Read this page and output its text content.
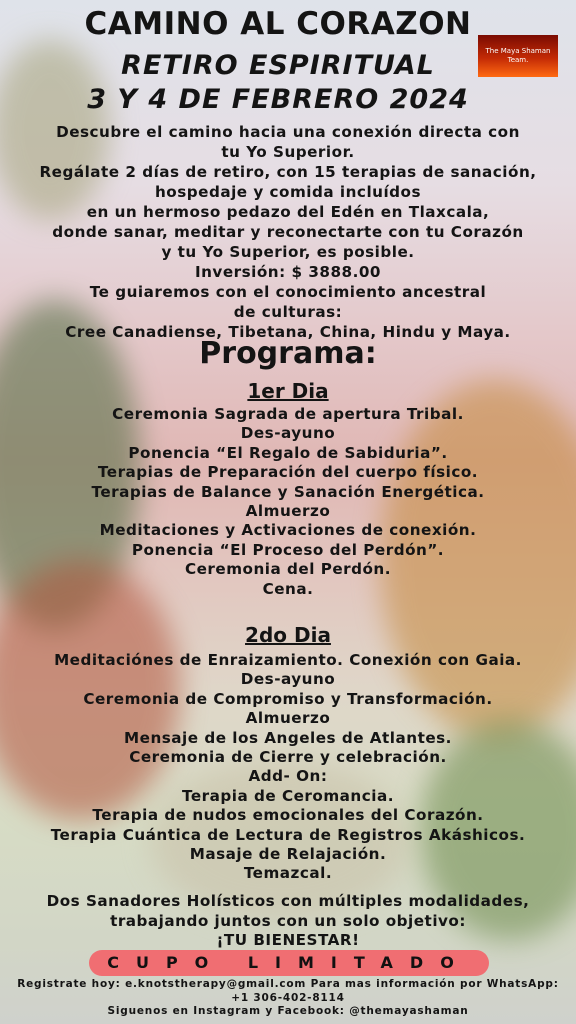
CAMINO AL CORAZON
RETIRO ESPIRITUAL
3 Y 4 DE FEBRERO 2024
The Maya Shaman Team.
Descubre el camino hacia una conexión directa con
tu Yo Superior.
Regálate 2 días de retiro, con 15 terapias de sanación,
hospedaje y comida incluídos
en un hermoso pedazo del Edén en Tlaxcala,
donde sanar, meditar y reconectarte con tu Corazón
y tu Yo Superior, es posible.
Inversión: $ 3888.00
Te guiaremos con el conocimiento ancestral
de culturas:
Cree Canadiense, Tibetana, China, Hindu y Maya.
Programa:
1er Dia
Ceremonia Sagrada de apertura Tribal.
Des-ayuno
Ponencia “El Regalo de Sabiduria”.
Terapias de Preparación del cuerpo físico.
Terapias de Balance y Sanación Energética.
Almuerzo
Meditaciones y Activaciones de conexión.
Ponencia “El Proceso del Perdón”.
Ceremonia del Perdón.
Cena.
2do Dia
Meditaciónes de Enraizamiento. Conexión con Gaia.
Des-ayuno
Ceremonia de Compromiso y Transformación.
Almuerzo
Mensaje de los Angeles de Atlantes.
Ceremonia de Cierre y celebración.
Add- On:
Terapia de Ceromancia.
Terapia de nudos emocionales del Corazón.
Terapia Cuántica de Lectura de Registros Akáshicos.
Masaje de Relajación.
Temazcal.
Dos Sanadores Holísticos con múltiples modalidades,
trabajando juntos con un solo objetivo:
¡TU BIENESTAR!
CUPO LIMITADO
Registrate hoy: e.knotstherapy@gmail.com Para mas información por WhatsApp:
+1 306-402-8114
Siguenos en Instagram y Facebook: @themayashaman
